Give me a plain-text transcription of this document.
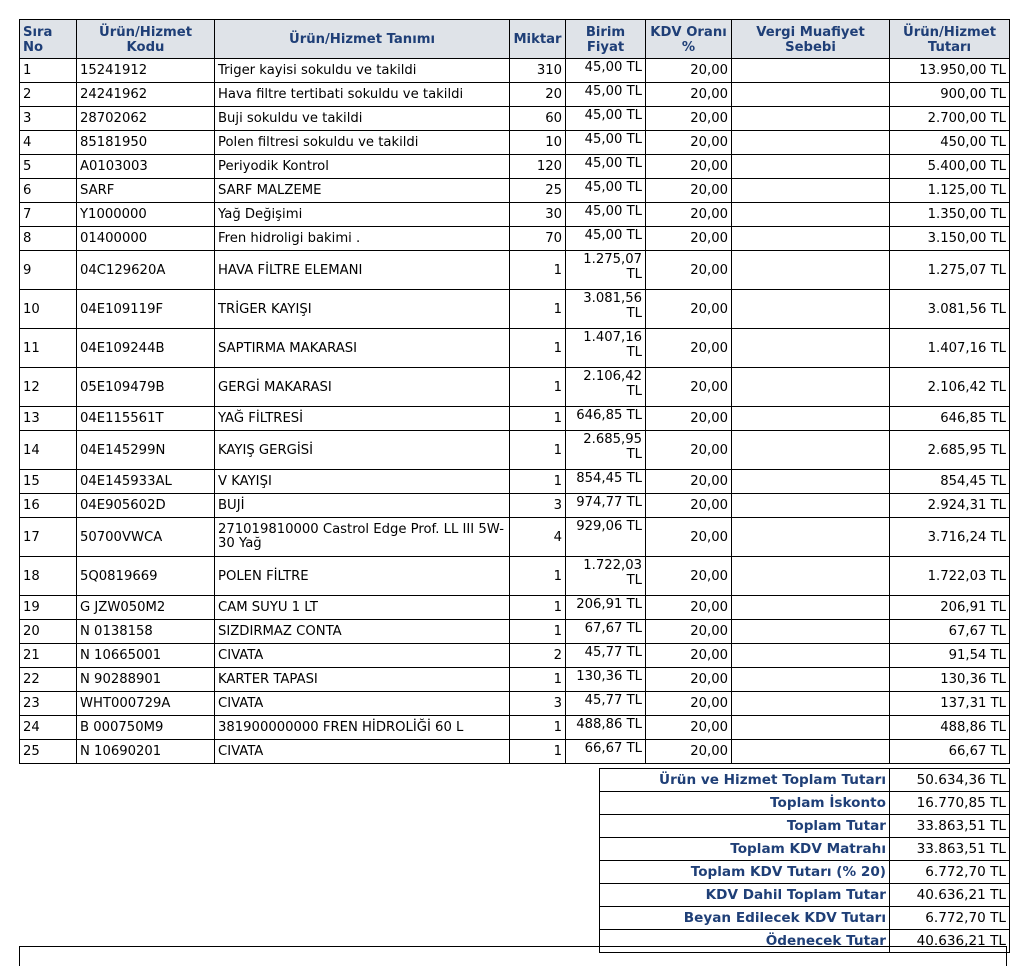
Sıra No	Ürün/Hizmet Kodu	Ürün/Hizmet Tanımı	Miktar	Birim Fiyat	KDV Oranı %	Vergi Muafiyet Sebebi	Ürün/Hizmet Tutarı
1	15241912	Triger kayisi sokuldu ve takildi	310	45,00 TL	20,00		13.950,00 TL
2	24241962	Hava filtre tertibati sokuldu ve takildi	20	45,00 TL	20,00		900,00 TL
3	28702062	Buji sokuldu ve takildi	60	45,00 TL	20,00		2.700,00 TL
4	85181950	Polen filtresi sokuldu ve takildi	10	45,00 TL	20,00		450,00 TL
5	A0103003	Periyodik Kontrol	120	45,00 TL	20,00		5.400,00 TL
6	SARF	SARF MALZEME	25	45,00 TL	20,00		1.125,00 TL
7	Y1000000	Yağ Değişimi	30	45,00 TL	20,00		1.350,00 TL
8	01400000	Fren hidroligi bakimi .	70	45,00 TL	20,00		3.150,00 TL
9	04C129620A	HAVA FİLTRE ELEMANI	1	1.275,07 TL	20,00		1.275,07 TL
10	04E109119F	TRİGER KAYIŞI	1	3.081,56 TL	20,00		3.081,56 TL
11	04E109244B	SAPTIRMA MAKARASI	1	1.407,16 TL	20,00		1.407,16 TL
12	05E109479B	GERGİ MAKARASI	1	2.106,42 TL	20,00		2.106,42 TL
13	04E115561T	YAĞ FİLTRESİ	1	646,85 TL	20,00		646,85 TL
14	04E145299N	KAYIŞ GERGİSİ	1	2.685,95 TL	20,00		2.685,95 TL
15	04E145933AL	V KAYIŞI	1	854,45 TL	20,00		854,45 TL
16	04E905602D	BUJİ	3	974,77 TL	20,00		2.924,31 TL
17	50700VWCA	271019810000 Castrol Edge Prof. LL III 5W-30 Yağ	4	929,06 TL	20,00		3.716,24 TL
18	5Q0819669	POLEN FİLTRE	1	1.722,03 TL	20,00		1.722,03 TL
19	G JZW050M2	CAM SUYU 1 LT	1	206,91 TL	20,00		206,91 TL
20	N 0138158	SIZDIRMAZ CONTA	1	67,67 TL	20,00		67,67 TL
21	N 10665001	CIVATA	2	45,77 TL	20,00		91,54 TL
22	N 90288901	KARTER TAPASI	1	130,36 TL	20,00		130,36 TL
23	WHT000729A	CIVATA	3	45,77 TL	20,00		137,31 TL
24	B 000750M9	381900000000 FREN HİDROLİĞİ 60 L	1	488,86 TL	20,00		488,86 TL
25	N 10690201	CIVATA	1	66,67 TL	20,00		66,67 TL
Ürün ve Hizmet Toplam Tutarı	50.634,36 TL
Toplam İskonto	16.770,85 TL
Toplam Tutar	33.863,51 TL
Toplam KDV Matrahı	33.863,51 TL
Toplam KDV Tutarı (% 20)	6.772,70 TL
KDV Dahil Toplam Tutar	40.636,21 TL
Beyan Edilecek KDV Tutarı	6.772,70 TL
Ödenecek Tutar	40.636,21 TL
